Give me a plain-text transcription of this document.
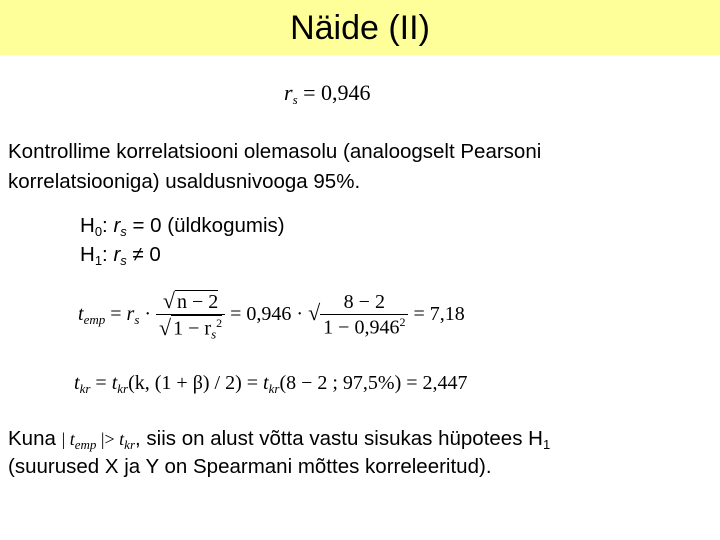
Näide (II)
$r_s = 0,946$
Kontrollime korrelatsiooni olemasolu (analoogselt Pearsoni
korrelatsiooniga) usaldusnivooga 95%.
$H_0$: $r_s = 0$ (üldkogumis)
$H_1$: $r_s \ne 0$
$t_{emp} = r_s \cdot \frac{√ n - 2}{√ 1 - r_s^2} = 0,946$ · √ $\frac{8 - 2}{1 - 0,946^2} = 7,18$
$t_{kr} = t_{kr}(k$, $(1 + \beta) / 2) = t_{kr}(8 - 2$ ; 97,5%) = 2,447
Kuna | $t_{emp}$ |> $t_{kr}$, siis on alust võtta vastu sisukas hüpotees $H_1$
(suurused X ja Y on Spearmani mõttes korreleeritud).
